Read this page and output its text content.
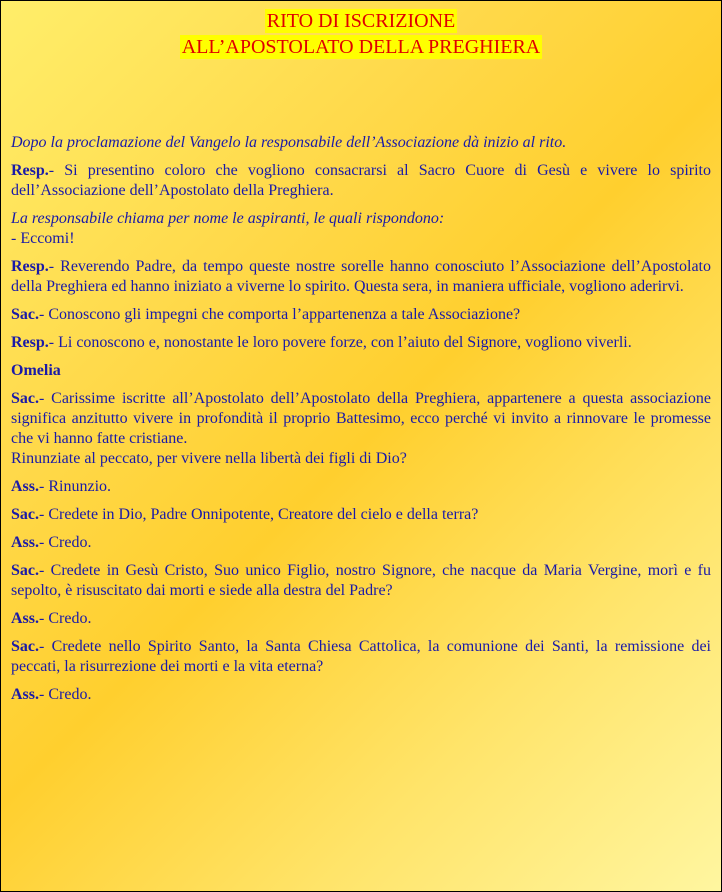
RITO DI ISCRIZIONE
ALL’APOSTOLATO DELLA PREGHIERA

Dopo la proclamazione del Vangelo la responsabile dell’Associazione dà inizio al rito.

Resp.- Si presentino coloro che vogliono consacrarsi al Sacro Cuore di Gesù e vivere lo spirito dell’Associazione dell’Apostolato della Preghiera.

La responsabile chiama per nome le aspiranti, le quali rispondono:
- Eccomi!

Resp.- Reverendo Padre, da tempo queste nostre sorelle hanno conosciuto l’Associazione dell’Apostolato della Preghiera ed hanno iniziato a viverne lo spirito. Questa sera, in maniera ufficiale, vogliono aderirvi.

Sac.- Conoscono gli impegni che comporta l’appartenenza a tale Associazione?

Resp.- Li conoscono e, nonostante le loro povere forze, con l’aiuto del Signore, vogliono viverli.

Omelia

Sac.- Carissime iscritte all’Apostolato dell’Apostolato della Preghiera, appartenere a questa associazione significa anzitutto vivere in profondità il proprio Battesimo, ecco perché vi invito a rinnovare le promesse che vi hanno fatte cristiane.
Rinunziate al peccato, per vivere nella libertà dei figli di Dio?

Ass.- Rinunzio.

Sac.- Credete in Dio, Padre Onnipotente, Creatore del cielo e della terra?

Ass.- Credo.

Sac.- Credete in Gesù Cristo, Suo unico Figlio, nostro Signore, che nacque da Maria Vergine, morì e fu sepolto, è risuscitato dai morti e siede alla destra del Padre?

Ass.- Credo.

Sac.- Credete nello Spirito Santo, la Santa Chiesa Cattolica, la comunione dei Santi, la remissione dei peccati, la risurrezione dei morti e la vita eterna?

Ass.- Credo.
